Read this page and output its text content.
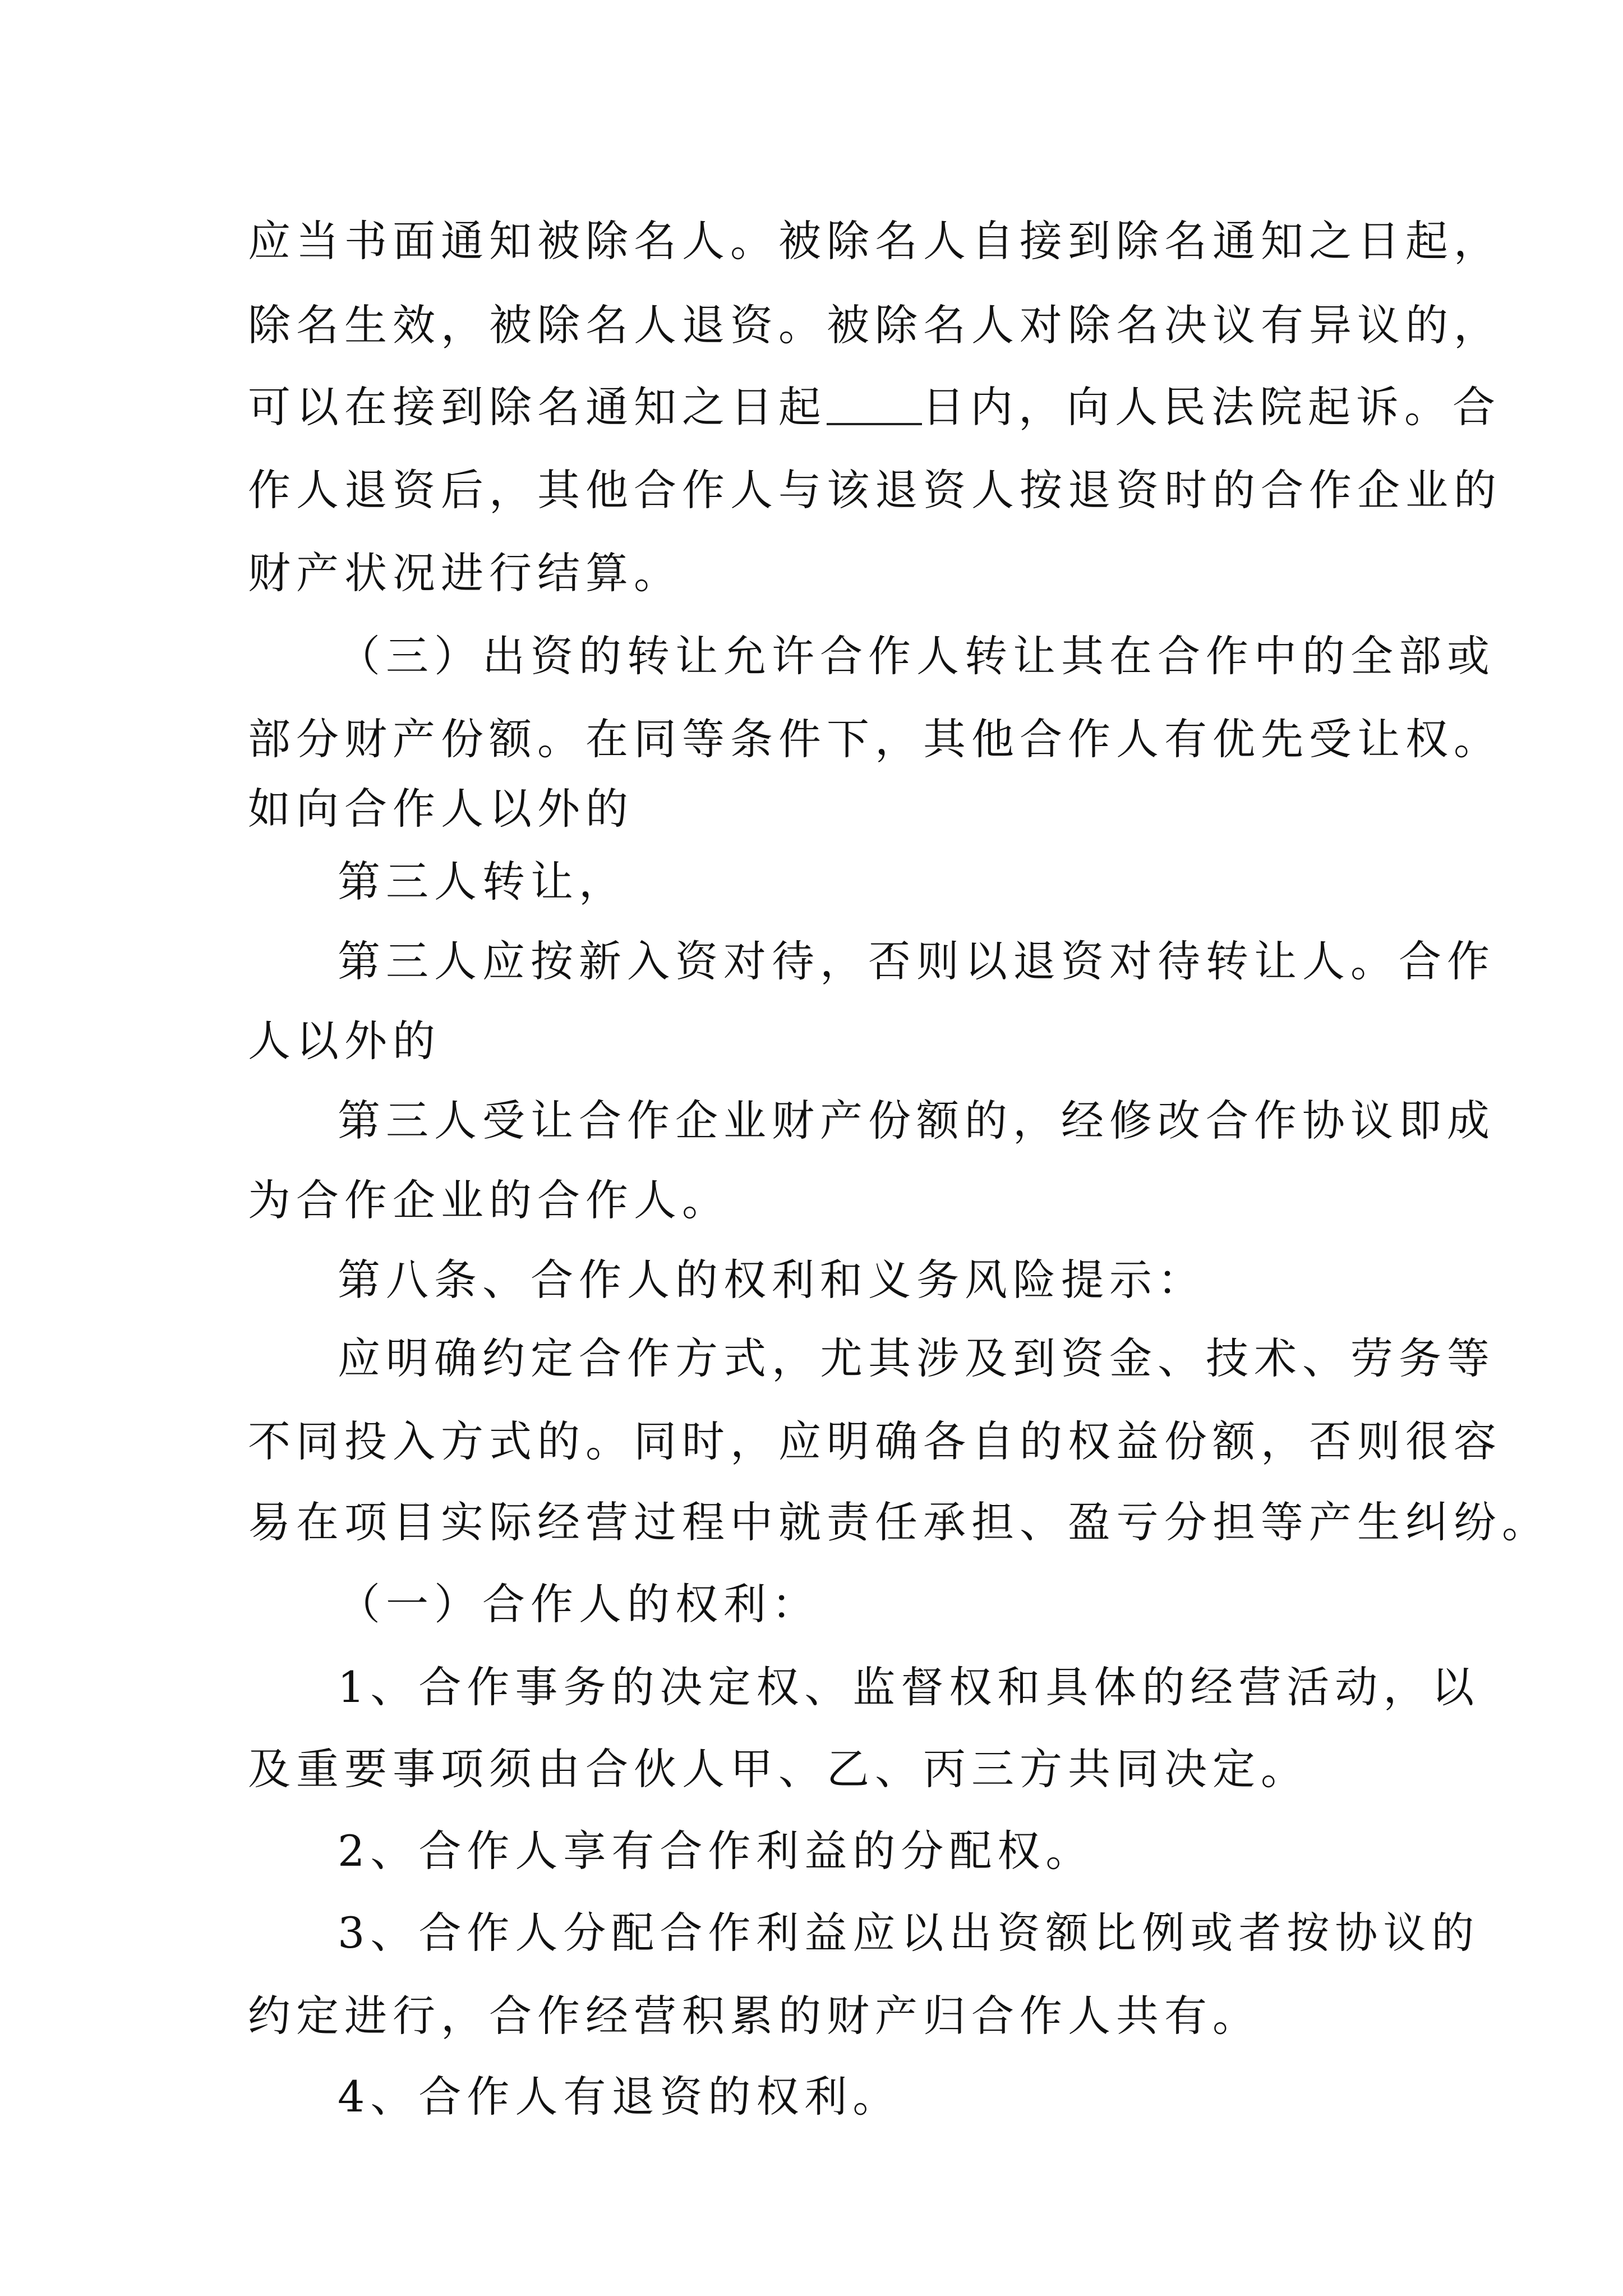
应当书面通知被除名人。被除名人自接到除名通知之日起，
除名生效，被除名人退资。被除名人对除名决议有异议的，
可以在接到除名通知之日起 日内，向人民法院起诉。合
作人退资后，其他合作人与该退资人按退资时的合作企业的
财产状况进行结算。
（三）出资的转让允许合作人转让其在合作中的全部或
部分财产份额。在同等条件下，其他合作人有优先受让权。
如向合作人以外的
第三人转让，
第三人应按新入资对待，否则以退资对待转让人。合作
人以外的
第三人受让合作企业财产份额的，经修改合作协议即成
为合作企业的合作人。
第八条、合作人的权利和义务风险提示：
应明确约定合作方式，尤其涉及到资金、技术、劳务等
不同投入方式的。同时，应明确各自的权益份额，否则很容
易在项目实际经营过程中就责任承担、盈亏分担等产生纠纷。
（一）合作人的权利：
1、合作事务的决定权、监督权和具体的经营活动，以
及重要事项须由合伙人甲、乙、丙三方共同决定。
2、合作人享有合作利益的分配权。
3、合作人分配合作利益应以出资额比例或者按协议的
约定进行，合作经营积累的财产归合作人共有。
4、合作人有退资的权利。
